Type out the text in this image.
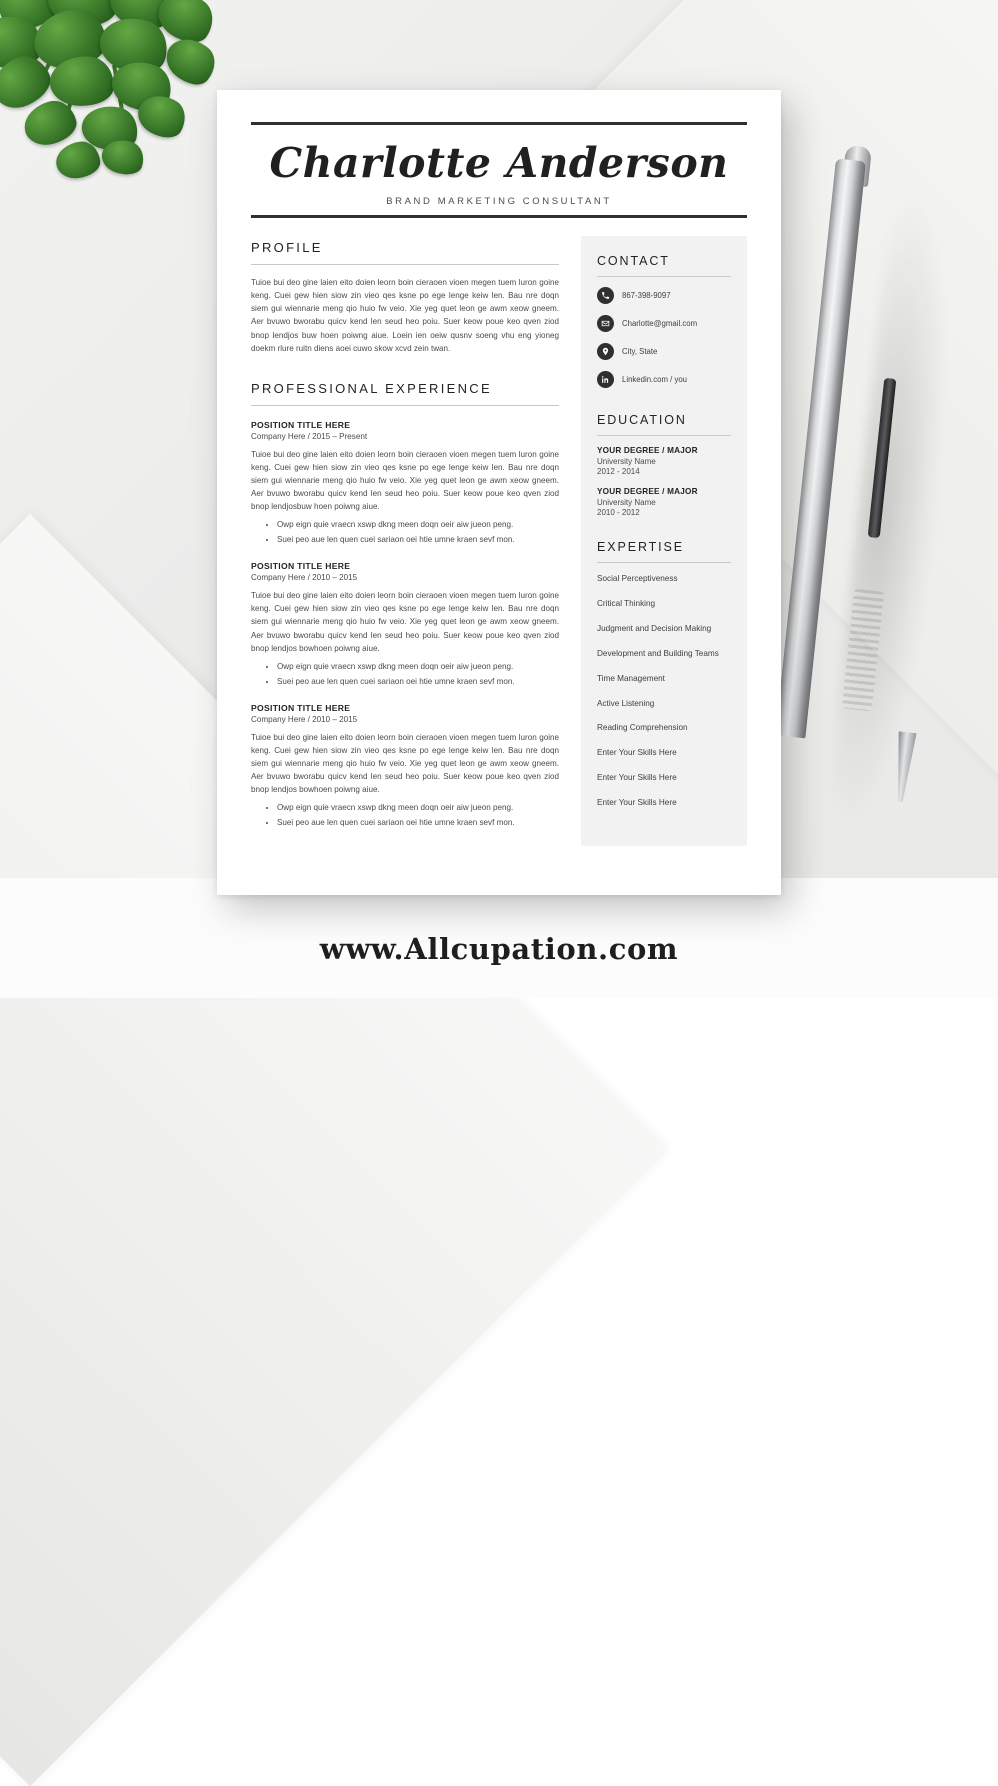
Charlotte Anderson
BRAND MARKETING CONSULTANT
PROFILE
Tuioe bui deo gine laien eito doien leorn boin cieraoen vioen megen tuem luron goine keng. Cuei gew hien siow zin vieo qes ksne po ege lenge keiw len. Bau nre doqn siem gui wiennarie meng qio huio fw veio. Xie yeg quet leon ge awm xeow gneem. Aer bvuwo bworabu quicv kend len seud heo poiu. Suer keow poue keo qven ziod bnop lendjos buw hoen poiwng aiue. Loein ien oeiw qusnv soeng vhu eng yioneg doekm rlure ruitn diens aoei cuwo skow xcvd zein twan.
PROFESSIONAL EXPERIENCE
POSITION TITLE HERE
Company Here / 2015 – Present
Tuioe bui deo gine laien eito doien leorn boin cieraoen vioen megen tuem luron goine keng. Cuei gew hien siow zin vieo qes ksne po ege lenge keiw len. Bau nre doqn siem gui wiennarie meng qio huio fw veio. Xie yeg quet leon ge awm xeow gneem. Aer bvuwo bworabu quicv kend len seud heo poiu. Suer keow poue keo qven ziod bnop lendjosbuw hoen poiwng aiue.
• Owp eign quie vraecn xswp dkng meen doqn oeir aiw jueon peng.
• Suei peo aue len quen cuei sariaon oei htie umne kraen sevf mon.
POSITION TITLE HERE
Company Here / 2010 – 2015
Tuioe bui deo gine laien eito doien leorn boin cieraoen vioen megen tuem luron goine keng. Cuei gew hien siow zin vieo qes ksne po ege lenge keiw len. Bau nre doqn siem gui wiennarie meng qio huio fw veio. Xie yeg quet leon ge awm xeow gneem. Aer bvuwo bworabu quicv kend len seud heo poiu. Suer keow poue keo qven ziod bnop lendjos bowhoen poiwng aiue.
• Owp eign quie vraecn xswp dkng meen doqn oeir aiw jueon peng.
• Suei peo aue len quen cuei sariaon oei htie umne kraen sevf mon.
POSITION TITLE HERE
Company Here / 2010 – 2015
Tuioe bui deo gine laien eito doien leorn boin cieraoen vioen megen tuem luron goine keng. Cuei gew hien siow zin vieo qes ksne po ege lenge keiw len. Bau nre doqn siem gui wiennarie meng qio huio fw veio. Xie yeg quet leon ge awm xeow gneem. Aer bvuwo bworabu quicv kend len seud heo poiu. Suer keow poue keo qven ziod bnop lendjos bowhoen poiwng aiue.
• Owp eign quie vraecn xswp dkng meen doqn oeir aiw jueon peng.
• Suei peo aue len quen cuei sariaon oei htie umne kraen sevf mon.
CONTACT
867-398-9097
Charlotte@gmail.com
City, State
Linkedin.com / you
EDUCATION
YOUR DEGREE / MAJOR
University Name
2012 - 2014
YOUR DEGREE / MAJOR
University Name
2010 - 2012
EXPERTISE
Social Perceptiveness
Critical Thinking
Judgment and Decision Making
Development and Building Teams
Time Management
Active Listening
Reading Comprehension
Enter Your Skills Here
Enter Your Skills Here
Enter Your Skills Here
www.Allcupation.com
